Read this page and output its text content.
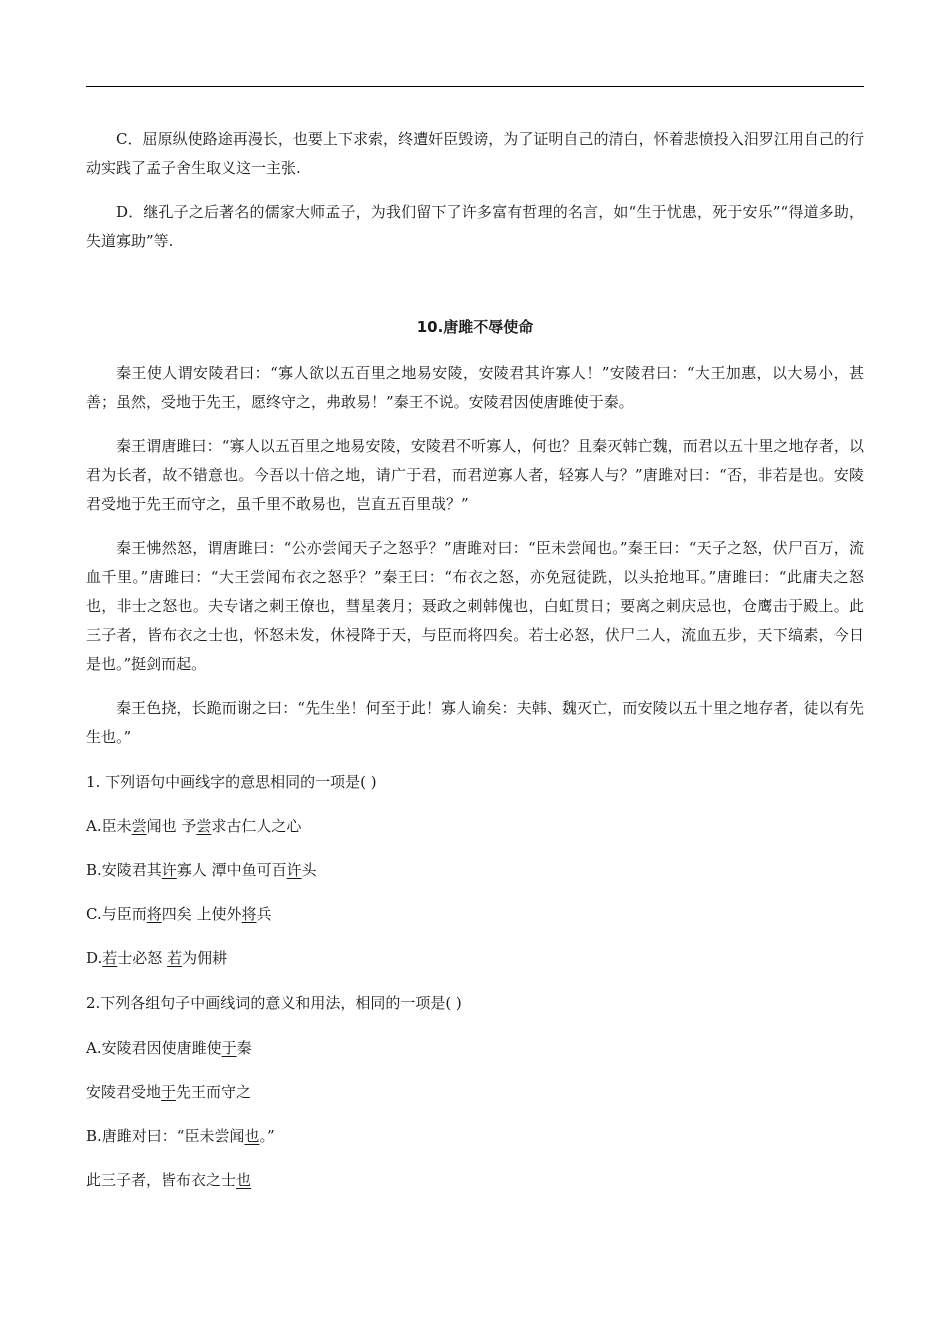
C．屈原纵使路途再漫长，也要上下求索，终遭奸臣毁谤，为了证明自己的清白，怀着悲愤投入汨罗江用自己的行动实践了孟子舍生取义这一主张.
D．继孔子之后著名的儒家大师孟子，为我们留下了许多富有哲理的名言，如“生于忧患，死于安乐”“得道多助，失道寡助”等.
10.唐雎不辱使命
秦王使人谓安陵君曰：“寡人欲以五百里之地易安陵，安陵君其许寡人！”安陵君曰：“大王加惠，以大易小，甚善；虽然，受地于先王，愿终守之，弗敢易！”秦王不说。安陵君因使唐雎使于秦。
秦王谓唐雎曰：“寡人以五百里之地易安陵，安陵君不听寡人，何也？且秦灭韩亡魏，而君以五十里之地存者，以君为长者，故不错意也。今吾以十倍之地，请广于君，而君逆寡人者，轻寡人与？”唐雎对曰：“否，非若是也。安陵君受地于先王而守之，虽千里不敢易也，岂直五百里哉？”
秦王怫然怒，谓唐雎曰：“公亦尝闻天子之怒乎？”唐雎对曰：“臣未尝闻也。”秦王曰：“天子之怒，伏尸百万，流血千里。”唐雎曰：“大王尝闻布衣之怒乎？”秦王曰：“布衣之怒，亦免冠徒跣，以头抢地耳。”唐雎曰：“此庸夫之怒也，非士之怒也。夫专诸之刺王僚也，彗星袭月；聂政之刺韩傀也，白虹贯日；要离之刺庆忌也，仓鹰击于殿上。此三子者，皆布衣之士也，怀怒未发，休祲降于天，与臣而将四矣。若士必怒，伏尸二人，流血五步，天下缟素，今日是也。”挺剑而起。
秦王色挠，长跪而谢之曰：“先生坐！何至于此！寡人谕矣：夫韩、魏灭亡，而安陵以五十里之地存者，徒以有先生也。”
1. 下列语句中画线字的意思相同的一项是( )
A.臣未尝闻也 予尝求古仁人之心
B.安陵君其许寡人 潭中鱼可百许头
C.与臣而将四矣 上使外将兵
D.若士必怒 若为佣耕
2.下列各组句子中画线词的意义和用法，相同的一项是( )
A.安陵君因使唐雎使于秦
安陵君受地于先王而守之
B.唐雎对曰：“臣未尝闻也。”
此三子者，皆布衣之士也
